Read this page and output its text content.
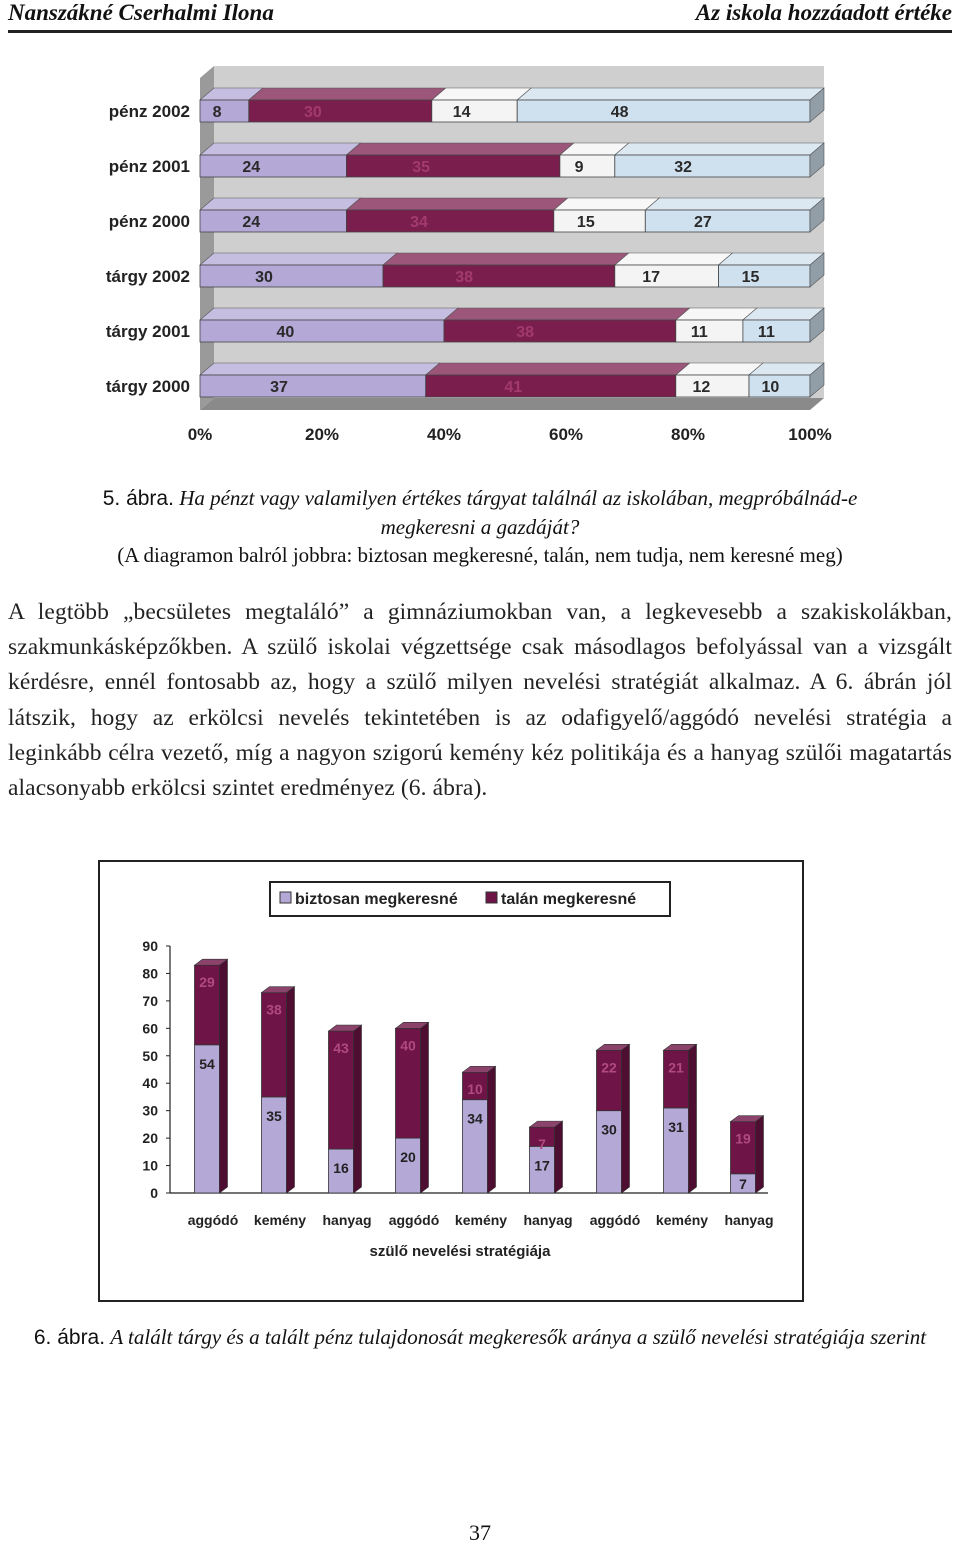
Nanszákné Cserhalmi Ilona	Az iskola hozzáadott értéke
pénz 2002 8	30	14	48
pénz 2001	24	35	9	32
pénz 2000	24	34	15	27
tárgy 2002	30	38	17	15
tárgy 2001	40	38	11	11
tárgy 2000	37	41	12	10
0%	20%	40%	60%	80%	100%
5. ábra. Ha pénzt vagy valamilyen értékes tárgyat találnál az iskolában, megpróbálnád-e megkeresni a gazdáját?
(A diagramon balról jobbra: biztosan megkeresné, talán, nem tudja, nem keresné meg)
A legtöbb „becsületes megtaláló” a gimnáziumokban van, a legkevesebb a szakiskolákban, szakmunkásképzőkben. A szülő iskolai végzettsége csak másodlagos befolyással van a vizsgált kérdésre, ennél fontosabb az, hogy a szülő milyen nevelési stratégiát alkalmaz. A 6. ábrán jól látszik, hogy az erkölcsi nevelés tekintetében is az odafigyelő/aggódó nevelési stratégia a leginkább célra vezető, míg a nagyon szigorú kemény kéz politikája és a hanyag szülői magatartás alacsonyabb erkölcsi szintet eredményez (6. ábra).
biztosan megkeresné	talán megkeresné
0
10
20
30
40
50
60
70
80
90
54
29
aggódó
35
38
kemény
16
43
hanyag
20
40
aggódó
34
10
kemény
17
7
hanyag
30
22
aggódó
31
21
kemény
7
19
hanyag
szülő nevelési stratégiája
6. ábra. A talált tárgy és a talált pénz tulajdonosát megkeresők aránya a szülő nevelési stratégiája szerint
37
